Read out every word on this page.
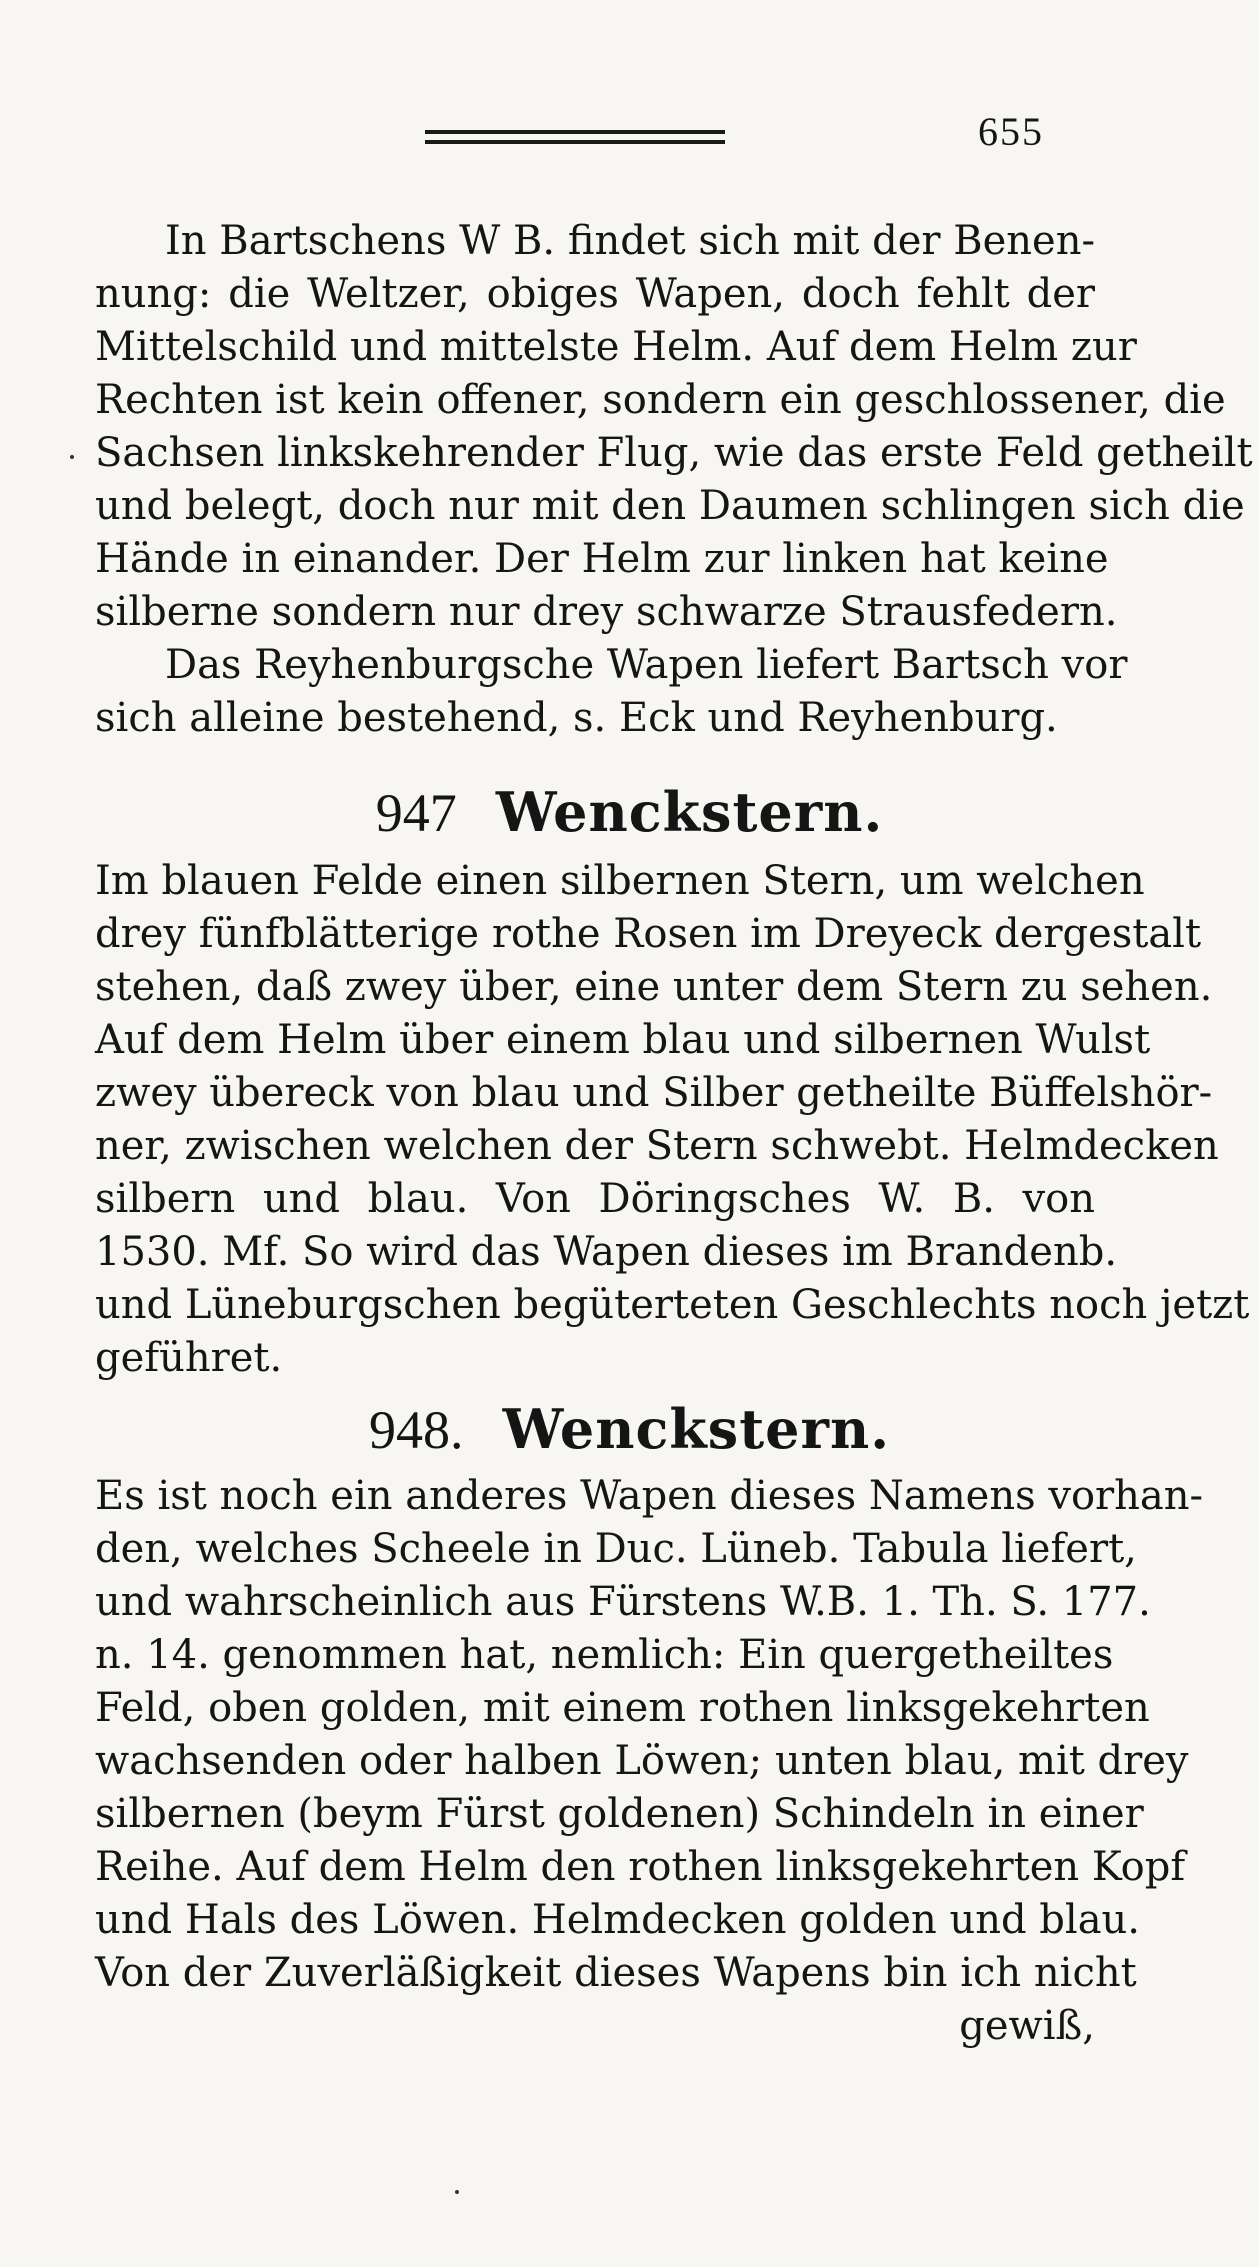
655
In Bartschens W B. findet sich mit der Benen-
nung: die Weltzer, obiges Wapen, doch fehlt der
Mittelschild und mittelste Helm. Auf dem Helm zur
Rechten ist kein offener, sondern ein geschlossener, die
Sachsen linkskehrender Flug, wie das erste Feld getheilt
und belegt, doch nur mit den Daumen schlingen sich die
Hände in einander. Der Helm zur linken hat keine
silberne sondern nur drey schwarze Strausfedern.
Das Reyhenburgsche Wapen liefert Bartsch vor
sich alleine bestehend, s. Eck und Reyhenburg.
947 Wenckstern.
Im blauen Felde einen silbernen Stern, um welchen
drey fünfblätterige rothe Rosen im Dreyeck dergestalt
stehen, daß zwey über, eine unter dem Stern zu sehen.
Auf dem Helm über einem blau und silbernen Wulst
zwey übereck von blau und Silber getheilte Büffelshör-
ner, zwischen welchen der Stern schwebt. Helmdecken
silbern und blau. Von Döringsches W. B. von
1530. Mf. So wird das Wapen dieses im Brandenb.
und Lüneburgschen begüterteten Geschlechts noch jetzt
geführet.
948. Wenckstern.
Es ist noch ein anderes Wapen dieses Namens vorhan-
den, welches Scheele in Duc. Lüneb. Tabula liefert,
und wahrscheinlich aus Fürstens W.B. 1. Th. S. 177.
n. 14. genommen hat, nemlich: Ein quergetheiltes
Feld, oben golden, mit einem rothen linksgekehrten
wachsenden oder halben Löwen; unten blau, mit drey
silbernen (beym Fürst goldenen) Schindeln in einer
Reihe. Auf dem Helm den rothen linksgekehrten Kopf
und Hals des Löwen. Helmdecken golden und blau.
Von der Zuverläßigkeit dieses Wapens bin ich nicht
gewiß,
